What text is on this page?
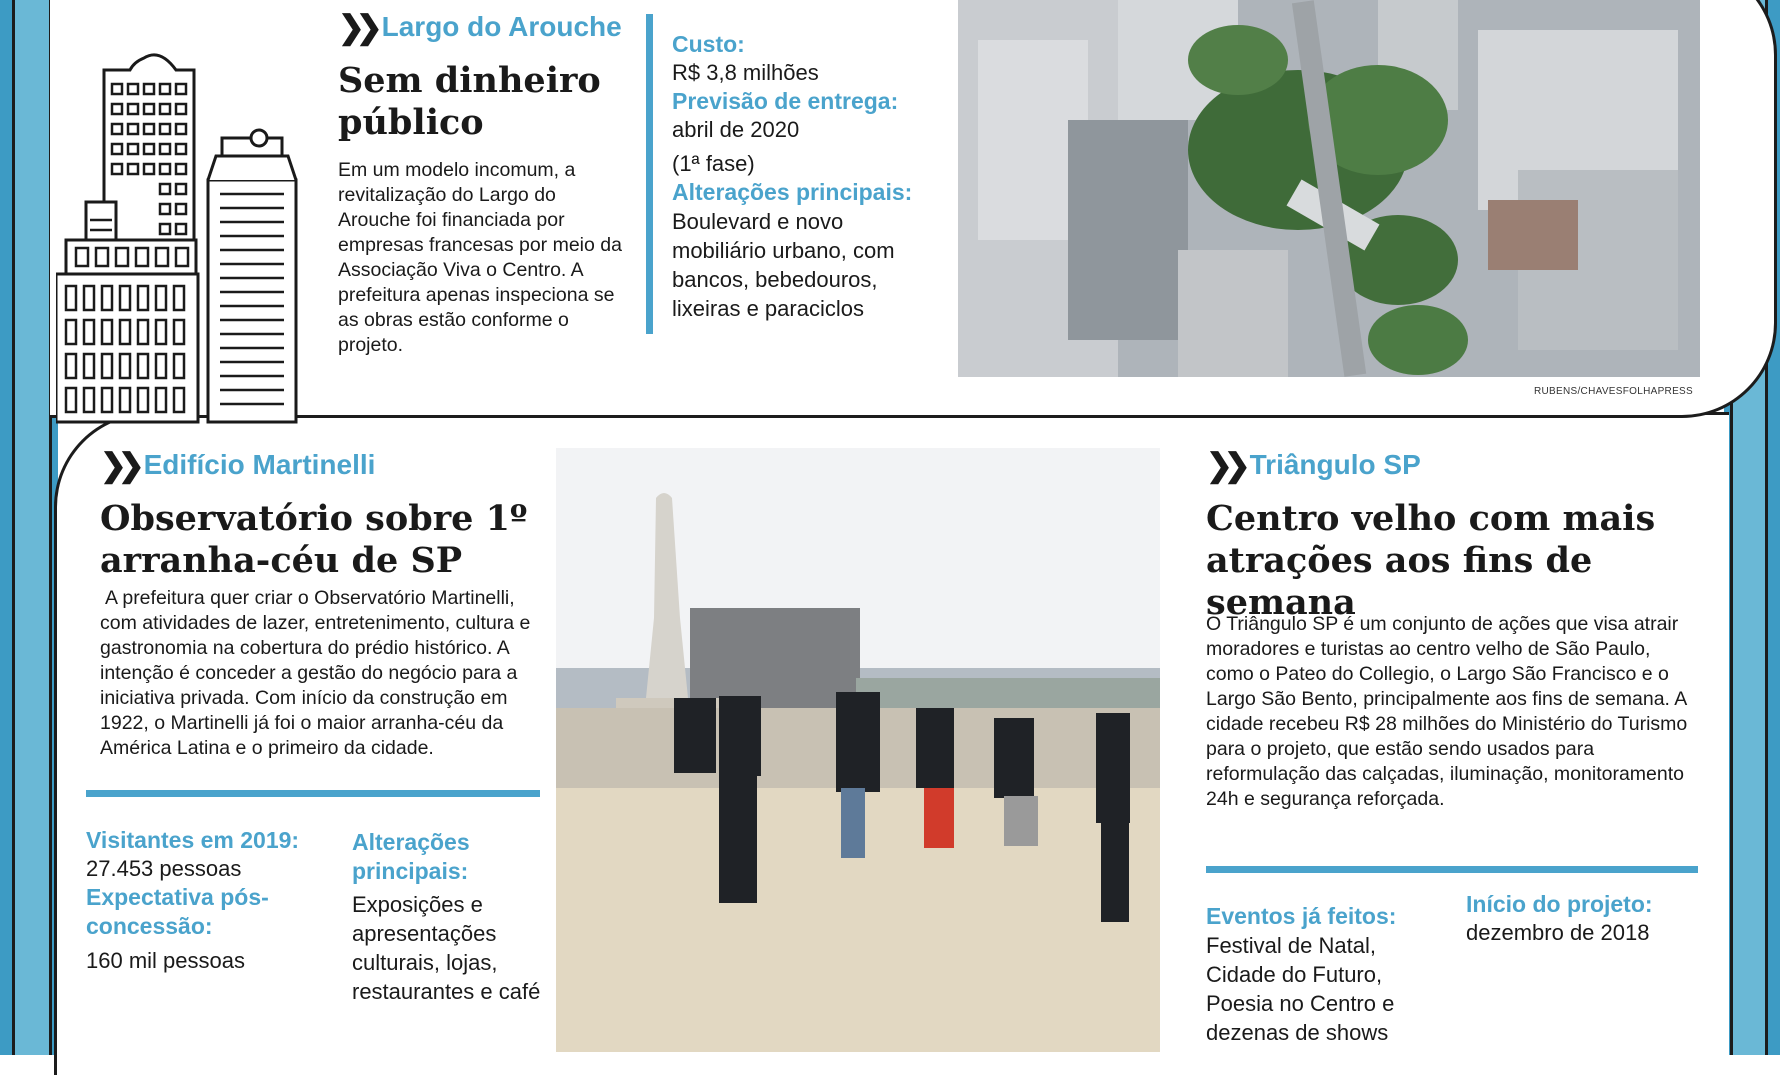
❯❯ Largo do Arouche
Sem dinheiro público

Em um modelo incomum, a revitalização do Largo do Arouche foi financiada por empresas francesas por meio da Associação Viva o Centro. A prefeitura apenas inspeciona se as obras estão conforme o projeto.

Custo:
R$ 3,8 milhões
Previsão de entrega:
abril de 2020
(1ª fase)
Alterações principais:
Boulevard e novo mobiliário urbano, com bancos, bebedouros, lixeiras e paraciclos
RUBENS/CHAVESFOLHAPRESS
❯❯ Edifício Martinelli
Observatório sobre 1º arranha-céu de SP

A prefeitura quer criar o Observatório Martinelli, com atividades de lazer, entretenimento, cultura e gastronomia na cobertura do prédio histórico. A intenção é conceder a gestão do negócio para a iniciativa privada. Com início da construção em 1922, o Martinelli já foi o maior arranha-céu da América Latina e o primeiro da cidade.

Visitantes em 2019:
27.453 pessoas
Expectativa pós-concessão:
160 mil pessoas
Alterações principais:
Exposições e apresentações culturais, lojas, restaurantes e café
❯❯ Triângulo SP
Centro velho com mais atrações aos fins de semana

O Triângulo SP é um conjunto de ações que visa atrair moradores e turistas ao centro velho de São Paulo, como o Pateo do Collegio, o Largo São Francisco e o Largo São Bento, principalmente aos fins de semana. A cidade recebeu R$ 28 milhões do Ministério do Turismo para o projeto, que estão sendo usados para reformulação das calçadas, iluminação, monitoramento 24h e segurança reforçada.

Eventos já feitos:
Festival de Natal, Cidade do Futuro, Poesia no Centro e dezenas de shows
Início do projeto:
dezembro de 2018
